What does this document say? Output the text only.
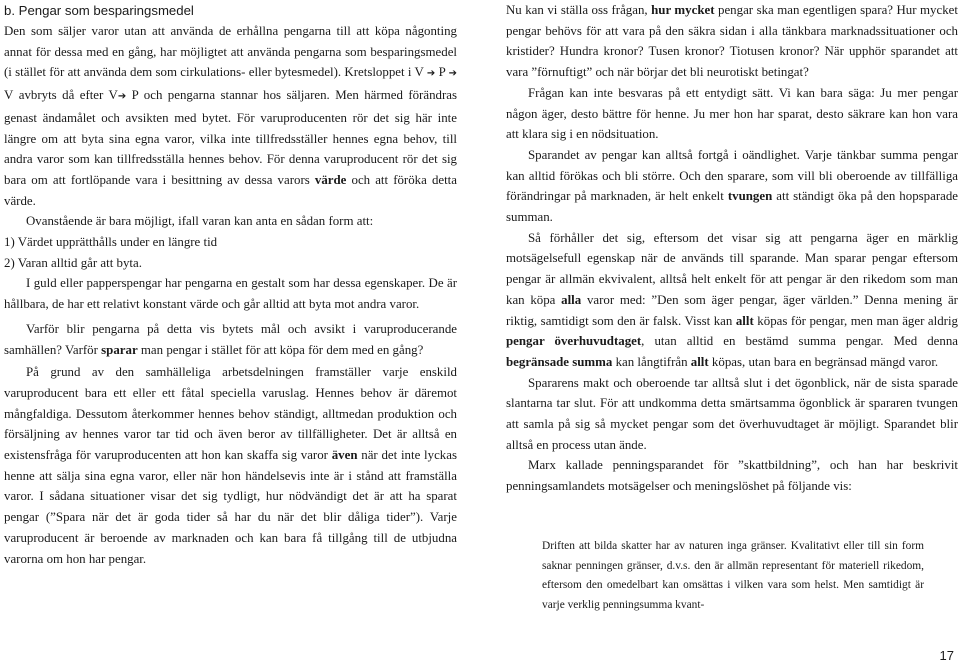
b. Pengar som besparingsmedel

Den som säljer varor utan att använda de erhållna pengarna till att köpa någonting annat för dessa med en gång, har möjligtet att använda pengarna som besparingsmedel (i stället för att använda dem som cirkulations- eller bytesmedel). Kretsloppet i V ➔ P ➔ V avbryts då efter V➔ P och pengarna stannar hos säljaren. Men härmed förändras genast ändamålet och avsikten med bytet. För varuproducenten rör det sig här inte längre om att byta sina egna varor, vilka inte tillfredsställer hennes egna behov, till andra varor som kan tillfredsställa hennes behov. För denna varuproducent rör det sig bara om att fortlöpande vara i besittning av dessa varors värde och att föröka detta värde.

Ovanstående är bara möjligt, ifall varan kan anta en sådan form att:

1) Värdet upprätthålls under en längre tid

2) Varan alltid går att byta.

I guld eller papperspengar har pengarna en gestalt som har dessa egenskaper. De är hållbara, de har ett relativt konstant värde och går alltid att byta mot andra varor.

Varför blir pengarna på detta vis bytets mål och avsikt i varuproducerande samhällen? Varför sparar man pengar i stället för att köpa för dem med en gång?

På grund av den samhälleliga arbetsdelningen framställer varje enskild varuproducent bara ett eller ett fåtal speciella varuslag. Hennes behov är däremot mångfaldiga. Dessutom återkommer hennes behov ständigt, alltmedan produktion och försäljning av hennes varor tar tid och även beror av tillfälligheter. Det är alltså en existensfråga för varuproducenten att hon kan skaffa sig varor även när det inte lyckas henne att sälja sina egna varor, eller när hon händelsevis inte är i stånd att framställa varor. I sådana situationer visar det sig tydligt, hur nödvändigt det är att ha sparat pengar (”Spara när det är goda tider så har du när det blir dåliga tider”). Varje varuproducent är beroende av marknaden och kan bara få tillgång till de utbjudna varorna om hon har pengar.

Nu kan vi ställa oss frågan, hur mycket pengar ska man egentligen spara? Hur mycket pengar behövs för att vara på den säkra sidan i alla tänkbara marknadssituationer och kristider? Hundra kronor? Tusen kronor? Tiotusen kronor? När upphör sparandet att vara ”förnuftigt” och när börjar det bli neurotiskt betingat?

Frågan kan inte besvaras på ett entydigt sätt. Vi kan bara säga: Ju mer pengar någon äger, desto bättre för henne. Ju mer hon har sparat, desto säkrare kan hon vara att klara sig i en nödsituation.

Sparandet av pengar kan alltså fortgå i oändlighet. Varje tänkbar summa pengar kan alltid förökas och bli större. Och den sparare, som vill bli oberoende av tillfälliga förändringar på marknaden, är helt enkelt tvungen att ständigt öka på den hopsparade summan.

Så förhåller det sig, eftersom det visar sig att pengarna äger en märklig motsägelsefull egenskap när de används till sparande. Man sparar pengar eftersom pengar är allmän ekvivalent, alltså helt enkelt för att pengar är den rikedom som man kan köpa alla varor med: ”Den som äger pengar, äger världen.” Denna mening är riktig, samtidigt som den är falsk. Visst kan allt köpas för pengar, men man äger aldrig pengar överhuvudtaget, utan alltid en bestämd summa pengar. Med denna begränsade summa kan långtifrån allt köpas, utan bara en begränsad mängd varor.

Spararens makt och oberoende tar alltså slut i det ögonblick, när de sista sparade slantarna tar slut. För att undkomma detta smärtsamma ögonblick är spararen tvungen att samla på sig så mycket pengar som det överhuvudtaget är möjligt. Sparandet blir alltså en process utan ände.

Marx kallade penningsparandet för ”skattbildning”, och han har beskrivit penningsamlandets motsägelser och meningslöshet på följande vis:

Driften att bilda skatter har av naturen inga gränser. Kvalitativt eller till sin form saknar penningen gränser, d.v.s. den är allmän representant för materiell rikedom, eftersom den omedelbart kan omsättas i vilken vara som helst. Men samtidigt är varje verklig penningsumma kvant-

17
